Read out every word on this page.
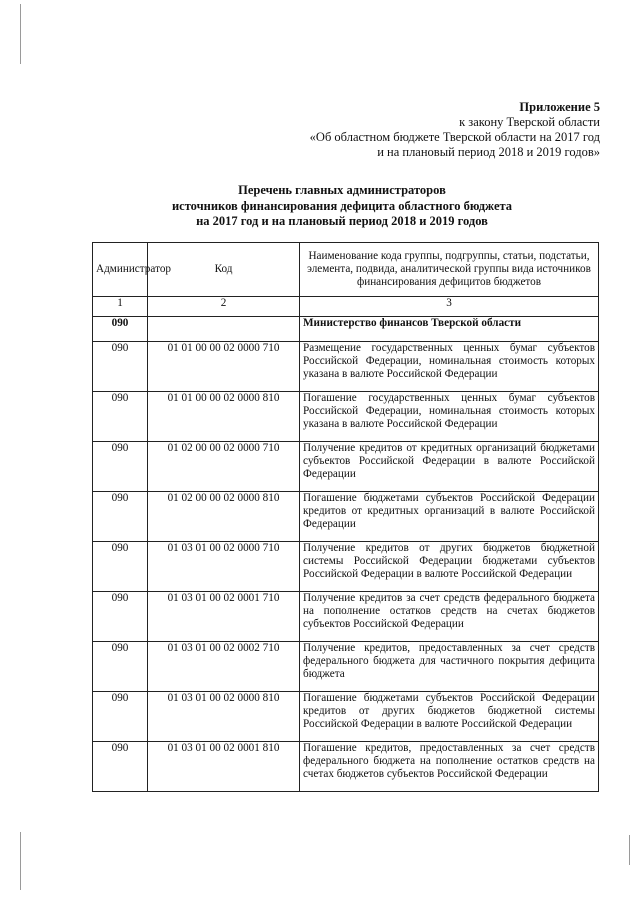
Приложение 5
к закону Тверской области
«Об областном бюджете Тверской области на 2017 год
и на плановый период 2018 и 2019 годов»
Перечень главных администраторов
источников финансирования дефицита областного бюджета
на 2017 год и на плановый период 2018 и 2019 годов
Администратор	Код	Наименование кода группы, подгруппы, статьи, подстатьи, элемента, подвида, аналитической группы вида источников финансирования дефицитов бюджетов
1	2	3
090		Министерство финансов Тверской области
090	01 01 00 00 02 0000 710	Размещение государственных ценных бумаг субъектов Российской Федерации, номинальная стоимость которых указана в валюте Российской Федерации
090	01 01 00 00 02 0000 810	Погашение государственных ценных бумаг субъектов Российской Федерации, номинальная стоимость которых указана в валюте Российской Федерации
090	01 02 00 00 02 0000 710	Получение кредитов от кредитных организаций бюджетами субъектов Российской Федерации в валюте Российской Федерации
090	01 02 00 00 02 0000 810	Погашение бюджетами субъектов Российской Федерации кредитов от кредитных организаций в валюте Российской Федерации
090	01 03 01 00 02 0000 710	Получение кредитов от других бюджетов бюджетной системы Российской Федерации бюджетами субъектов Российской Федерации в валюте Российской Федерации
090	01 03 01 00 02 0001 710	Получение кредитов за счет средств федерального бюджета на пополнение остатков средств на счетах бюджетов субъектов Российской Федерации
090	01 03 01 00 02 0002 710	Получение кредитов, предоставленных за счет средств федерального бюджета для частичного покрытия дефицита бюджета
090	01 03 01 00 02 0000 810	Погашение бюджетами субъектов Российской Федерации кредитов от других бюджетов бюджетной системы Российской Федерации в валюте Российской Федерации
090	01 03 01 00 02 0001 810	Погашение кредитов, предоставленных за счет средств федерального бюджета на пополнение остатков средств на счетах бюджетов субъектов Российской Федерации
